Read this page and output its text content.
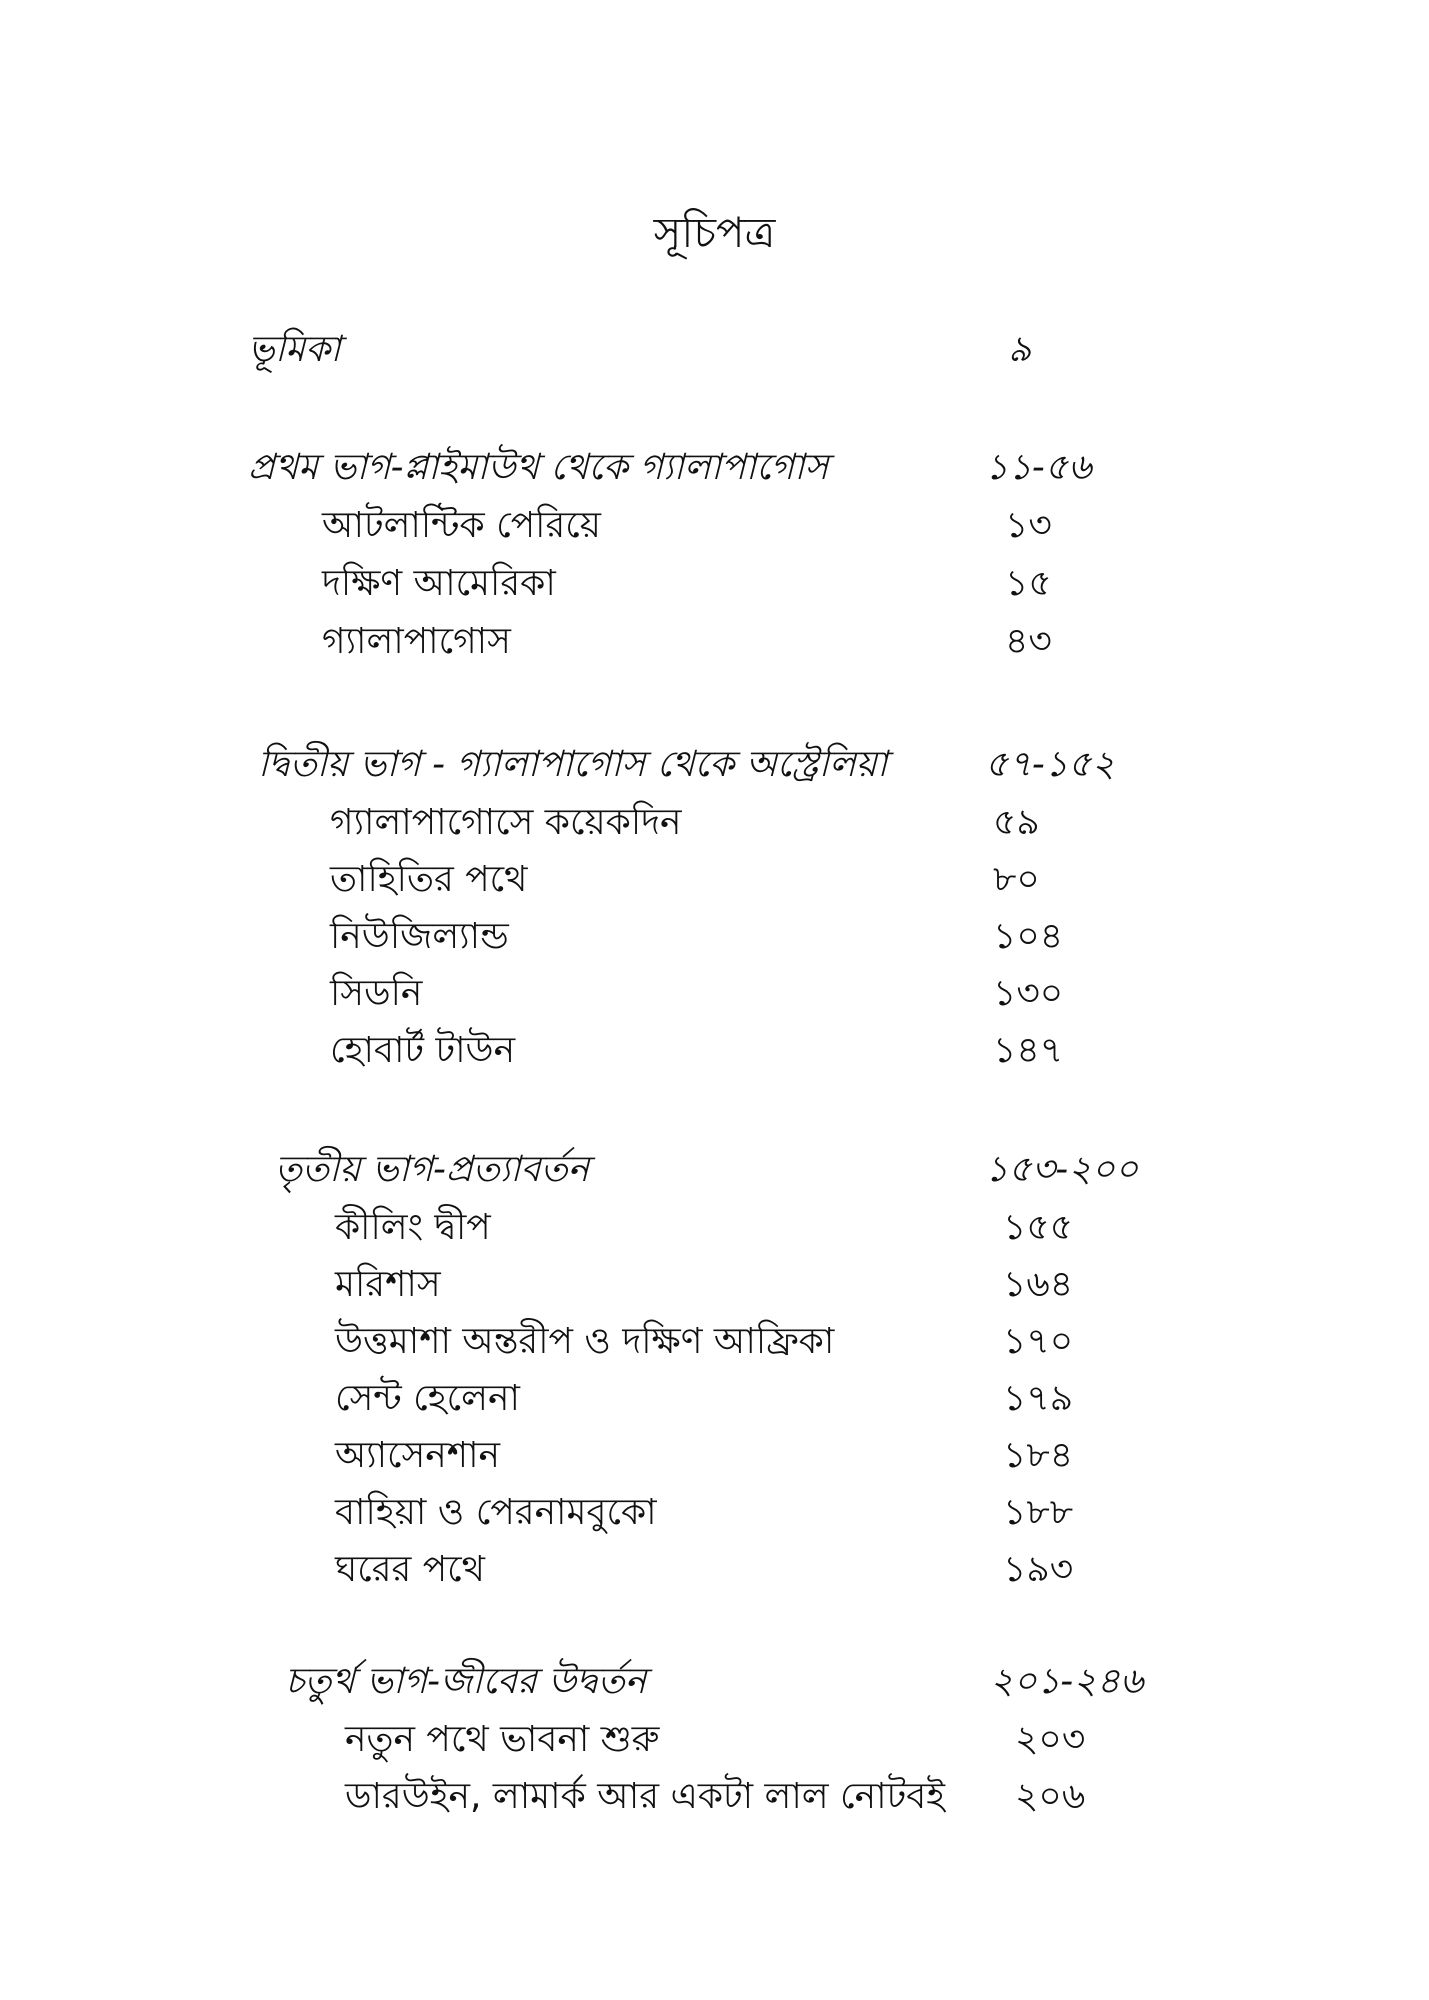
সূচিপত্র
ভূমিকা	৯
প্রথম ভাগ-প্লাইমাউথ থেকে গ্যালাপাগোস	১১-৫৬
আটলান্টিক পেরিয়ে	১৩
দক্ষিণ আমেরিকা	১৫
গ্যালাপাগোস	৪৩
দ্বিতীয় ভাগ - গ্যালাপাগোস থেকে অস্ট্রেলিয়া	৫৭-১৫২
গ্যালাপাগোসে কয়েকদিন	৫৯
তাহিতির পথে	৮০
নিউজিল্যান্ড	১০৪
সিডনি	১৩০
হোবার্ট টাউন	১৪৭
তৃতীয় ভাগ-প্রত্যাবর্তন	১৫৩-২০০
কীলিং দ্বীপ	১৫৫
মরিশাস	১৬৪
উত্তমাশা অন্তরীপ ও দক্ষিণ আফ্রিকা	১৭০
সেন্ট হেলেনা	১৭৯
অ্যাসেনশান	১৮৪
বাহিয়া ও পেরনামবুকো	১৮৮
ঘরের পথে	১৯৩
চতুর্থ ভাগ-জীবের উদ্বর্তন	২০১-২৪৬
নতুন পথে ভাবনা শুরু	২০৩
ডারউইন, লামার্ক আর একটা লাল নোটবই ২০৬
